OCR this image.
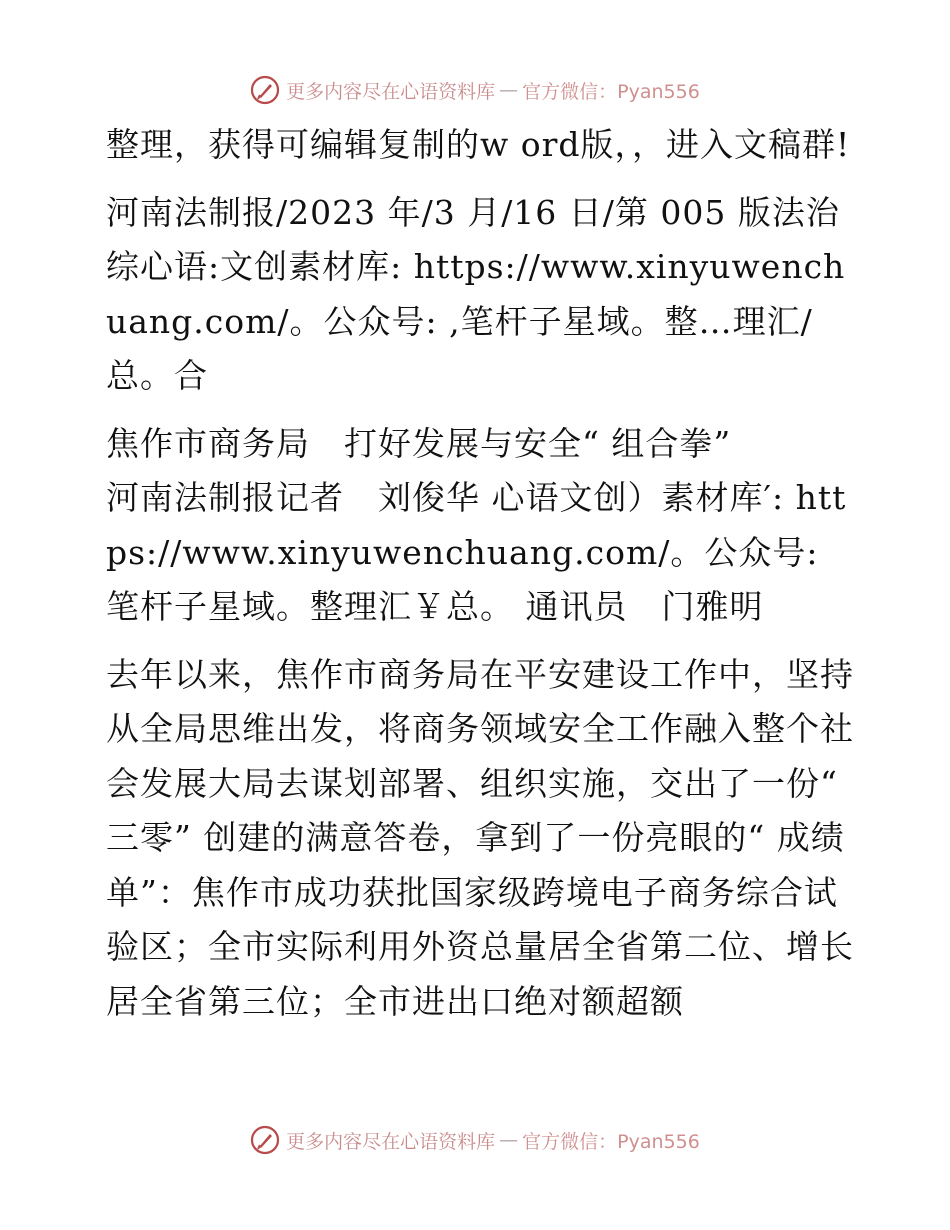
更多内容尽在心语资料库 — 官方微信：Pyan556

整理，获得可编辑复制的w ord版，，进入文稿群!

河南法制报/2023 年/3 月/16 日/第 005 版法治综心语:文创素材库: https://www.xinyuwenchuang.com/。公众号: ,笔杆子星域。整…理汇/总。合

焦作市商务局　打好发展与安全“ 组合拳”

河南法制报记者　刘俊华 心语文创）素材库′: https://www.xinyuwenchuang.com/。公众号: 笔杆子星域。整理汇￥总。 通讯员　门雅明

去年以来，焦作市商务局在平安建设工作中，坚持从全局思维出发，将商务领域安全工作融入整个社会发展大局去谋划部署、组织实施，交出了一份“ 三零” 创建的满意答卷，拿到了一份亮眼的“ 成绩单”：焦作市成功获批国家级跨境电子商务综合试验区；全市实际利用外资总量居全省第二位、增长居全省第三位；全市进出口绝对额超额

更多内容尽在心语资料库 — 官方微信：Pyan556
